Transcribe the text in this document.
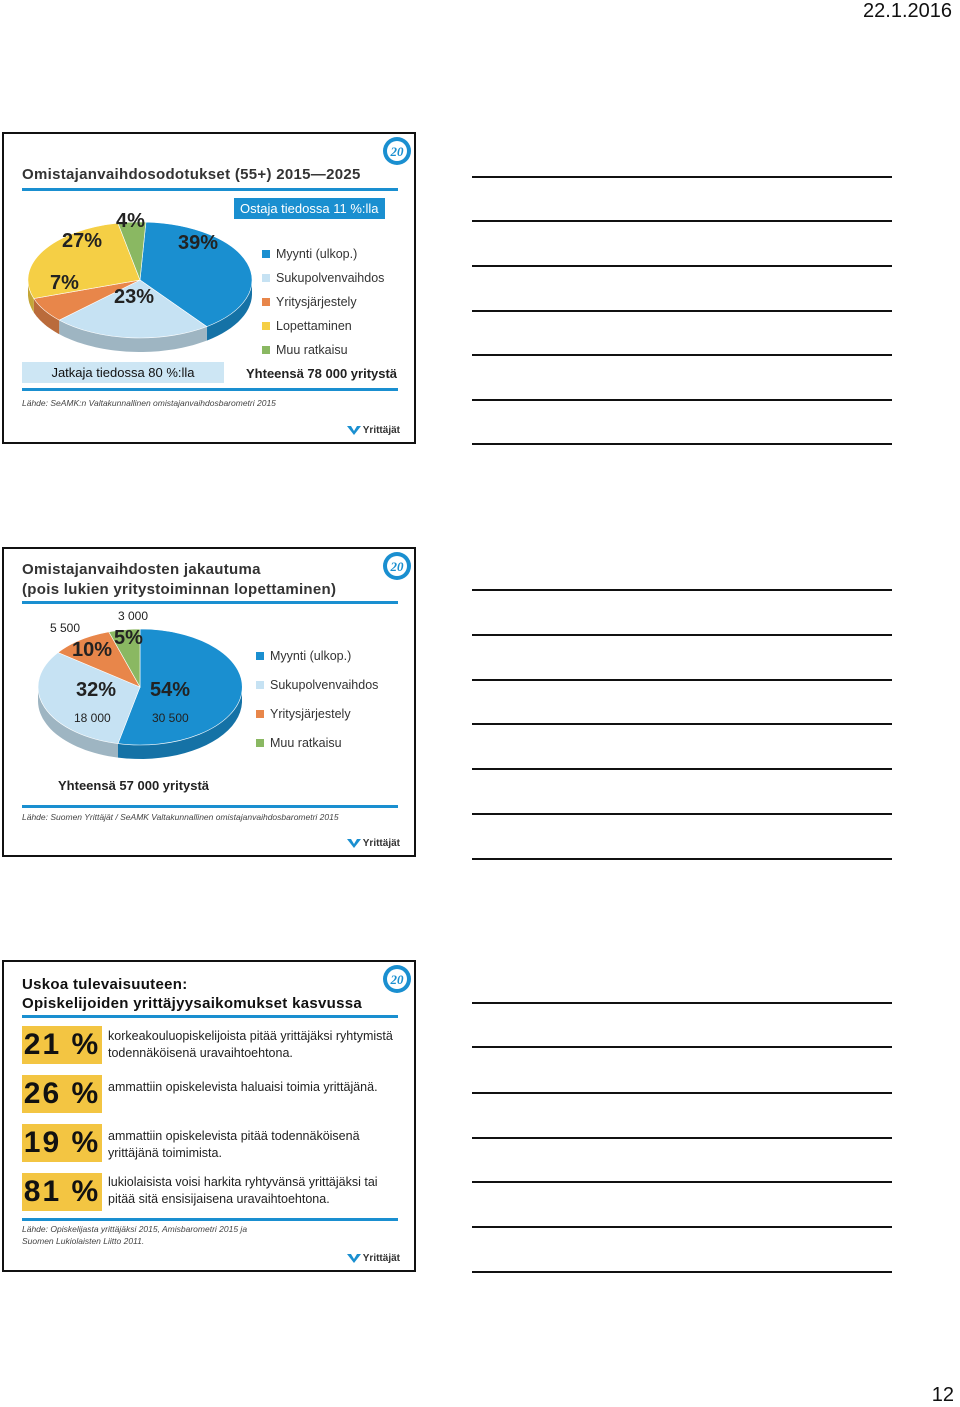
22.1.2016
20
Omistajanvaihdosodotukset (55+) 2015—2025
Ostaja tiedossa 11 %:lla
27%
4%
39%
7%
23%
Myynti (ulkop.)
Sukupolvenvaihdos
Yritysjärjestely
Lopettaminen
Muu ratkaisu
Jatkaja tiedossa 80 %:lla	Yhteensä 78 000 yritystä
Lähde: SeAMK:n Valtakunnallinen omistajanvaihdosbarometri 2015
Yrittäjät
20
Omistajanvaihdosten jakautuma
(pois lukien yritystoiminnan lopettaminen)
5 500
3 000
10%
5%
32% 54%
18 000	30 500
Myynti (ulkop.)
Sukupolvenvaihdos
Yritysjärjestely
Muu ratkaisu
Yhteensä 57 000 yritystä
Lähde: Suomen Yrittäjät / SeAMK Valtakunnallinen omistajanvaihdosbarometri 2015
Yrittäjät
20
Uskoa tulevaisuuteen:
Opiskelijoiden yrittäjyysaikomukset kasvussa
21 % korkeakouluopiskelijoista pitää yrittäjäksi ryhtymistä todennäköisenä uravaihtoehtona.
26 % ammattiin opiskelevista haluaisi toimia yrittäjänä.
19 % ammattiin opiskelevista pitää todennäköisenä yrittäjänä toimimista.
81 % lukiolaisista voisi harkita ryhtyvänsä yrittäjäksi tai pitää sitä ensisijaisena uravaihtoehtona.
Lähde: Opiskelijasta yrittäjäksi 2015, Amisbarometri 2015 ja
Suomen Lukiolaisten Liitto 2011.
Yrittäjät
12
